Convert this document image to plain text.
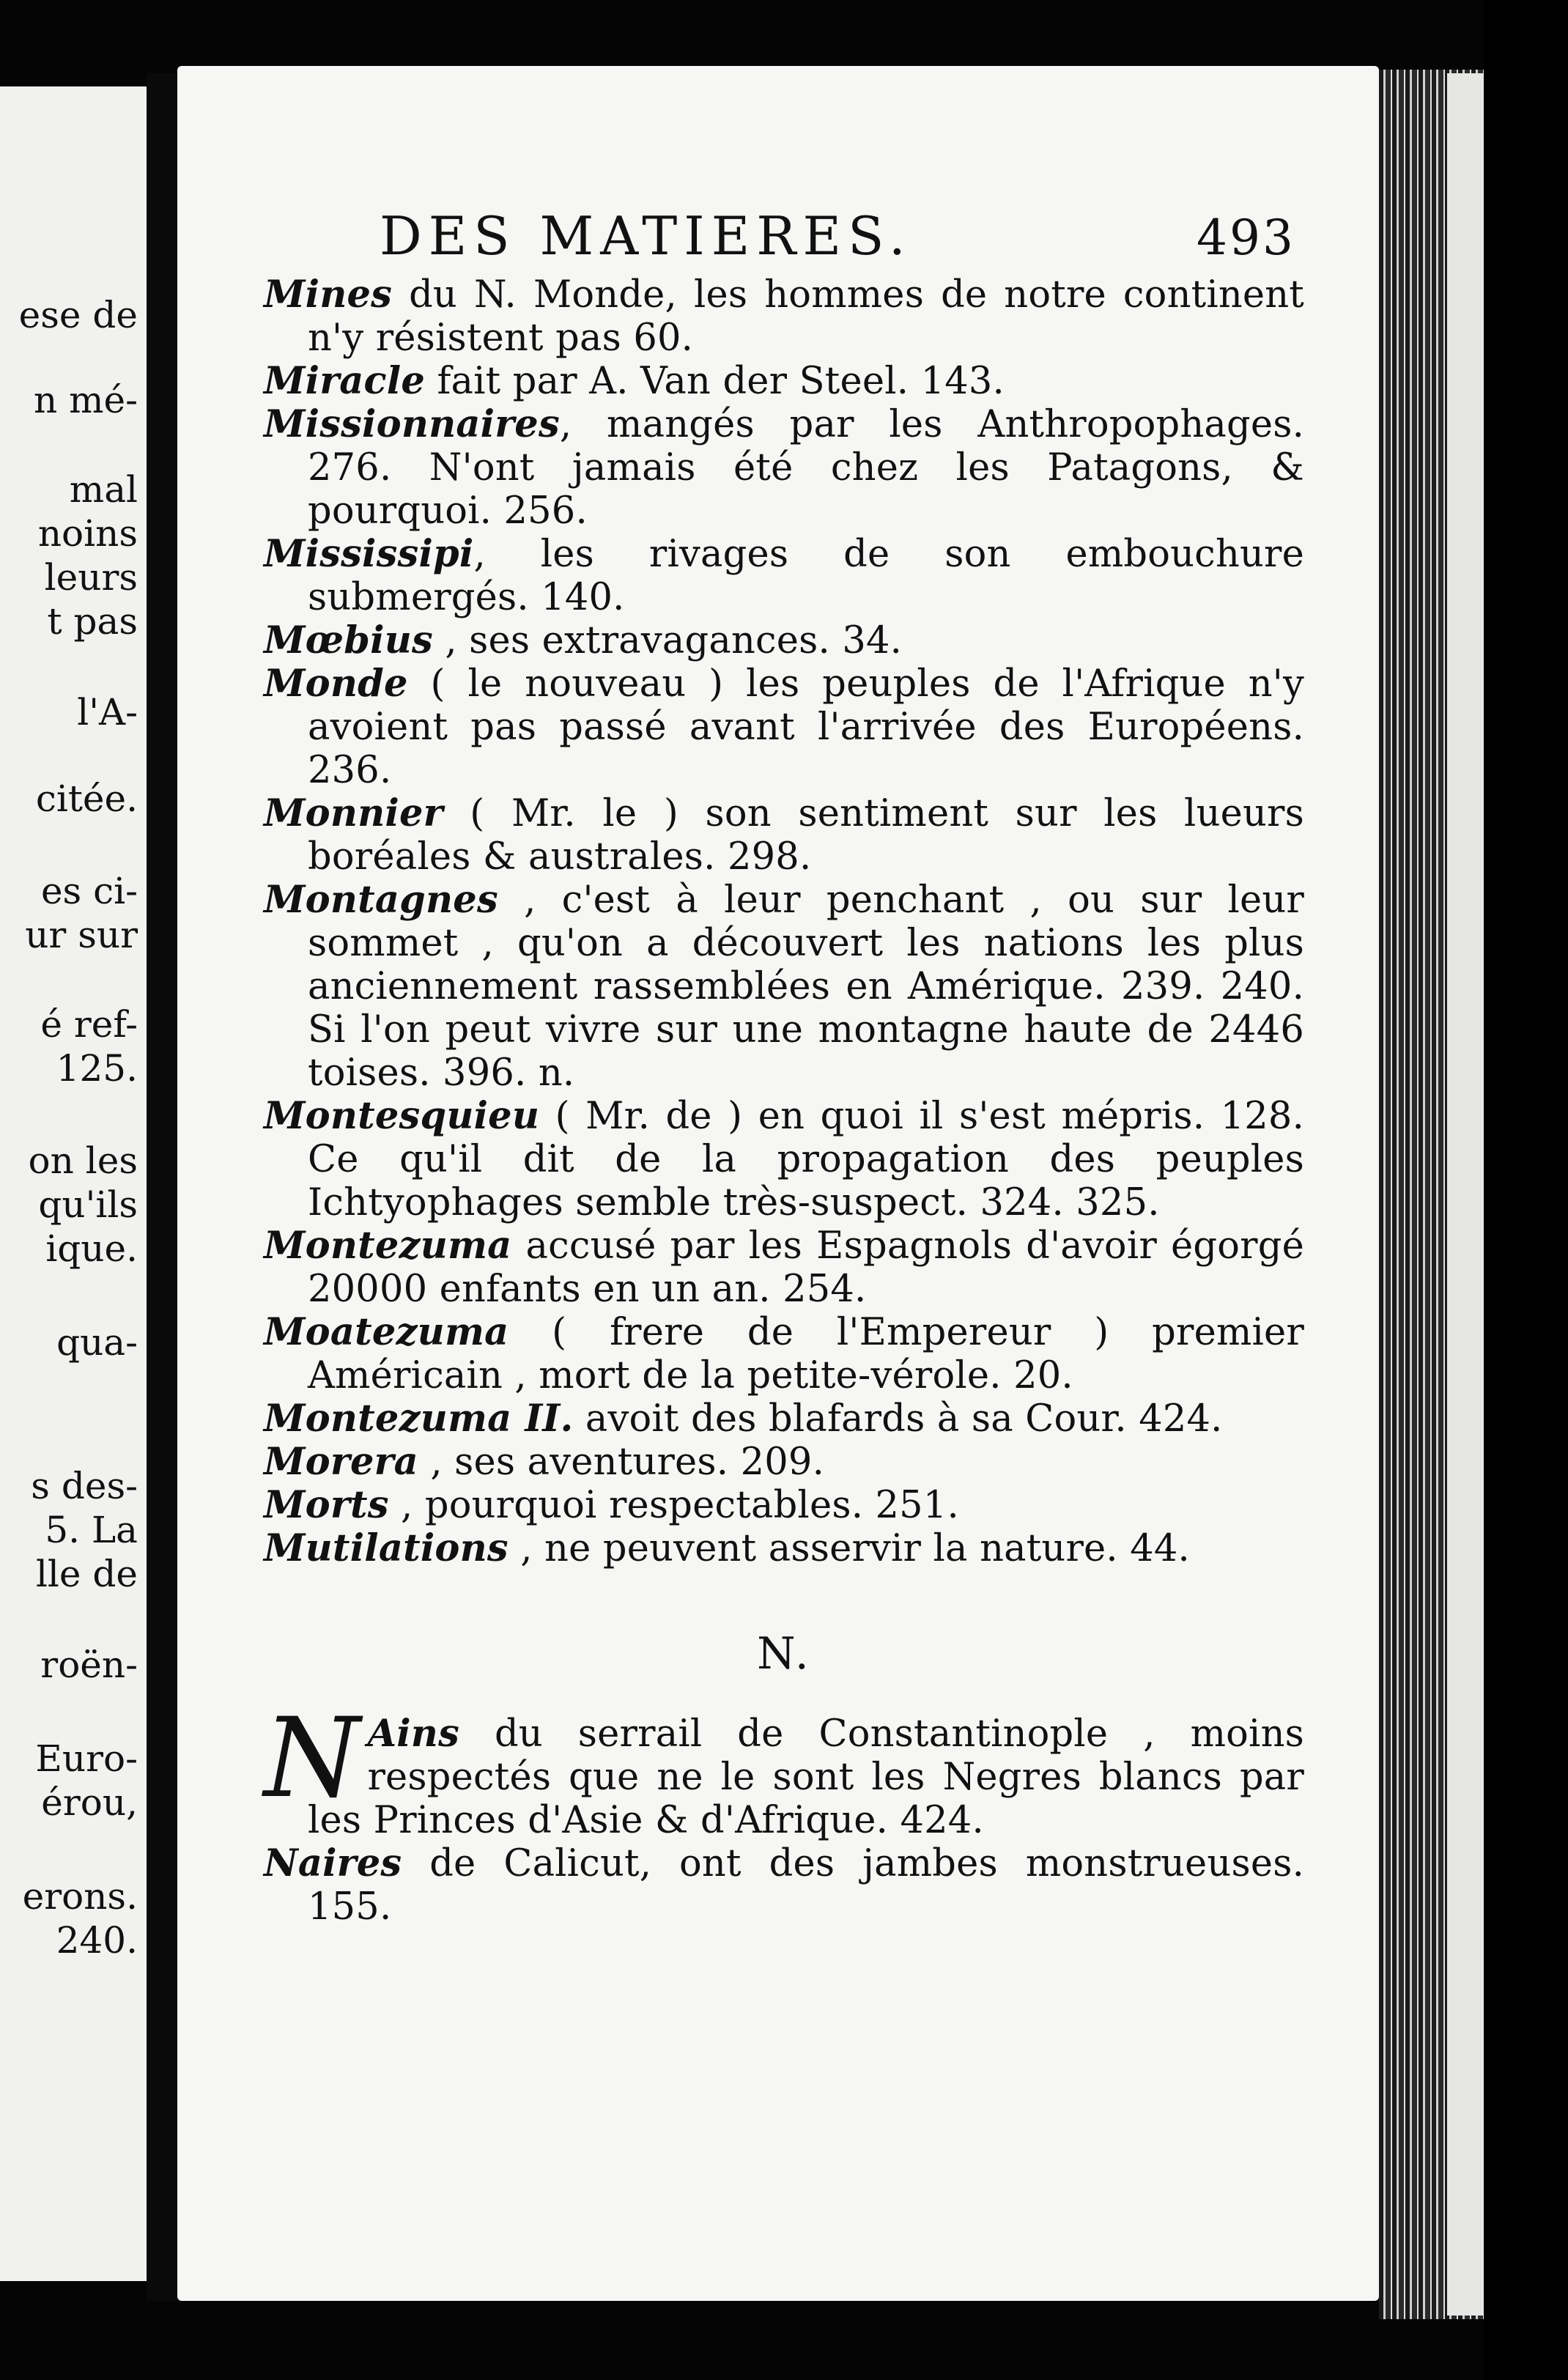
ese de
n mé-
mal
noins
leurs
t pas
l'A-
citée.
es ci-
ur sur
é ref-
125.
on les
qu'ils
ique.
qua-
s des-
5. La
lle de
roën-
Euro-
érou,
erons.
240.
DES MATIERES.	493

Mines du N. Monde, les hommes de notre continent n'y résistent pas 60.

Miracle fait par A. Van der Steel. 143.

Missionnaires, mangés par les Anthropophages. 276. N'ont jamais été chez les Patagons, & pourquoi. 256.

Mississipi, les rivages de son embouchure submergés. 140.

Mœbius , ses extravagances. 34.

Monde ( le nouveau ) les peuples de l'Afrique n'y avoient pas passé avant l'arrivée des Européens. 236.

Monnier ( Mr. le ) son sentiment sur les lueurs boréales & australes. 298.

Montagnes , c'est à leur penchant , ou sur leur sommet , qu'on a découvert les nations les plus anciennement rassemblées en Amérique. 239. 240. Si l'on peut vivre sur une montagne haute de 2446 toises. 396. n.

Montesquieu ( Mr. de ) en quoi il s'est mépris. 128. Ce qu'il dit de la propagation des peuples Ichtyophages semble très-suspect. 324. 325.

Montezuma accusé par les Espagnols d'avoir égorgé 20000 enfants en un an. 254.

Moatezuma ( frere de l'Empereur ) premier Américain , mort de la petite-vérole. 20.

Montezuma II. avoit des blafards à sa Cour. 424.

Morera , ses aventures. 209.

Morts , pourquoi respectables. 251.

Mutilations , ne peuvent asservir la nature. 44.

N.

N Ains du serrail de Constantinople , moins respectés que ne le sont les Negres blancs par les Princes d'Asie & d'Afrique. 424.

Naires de Calicut, ont des jambes monstrueuses. 155.
